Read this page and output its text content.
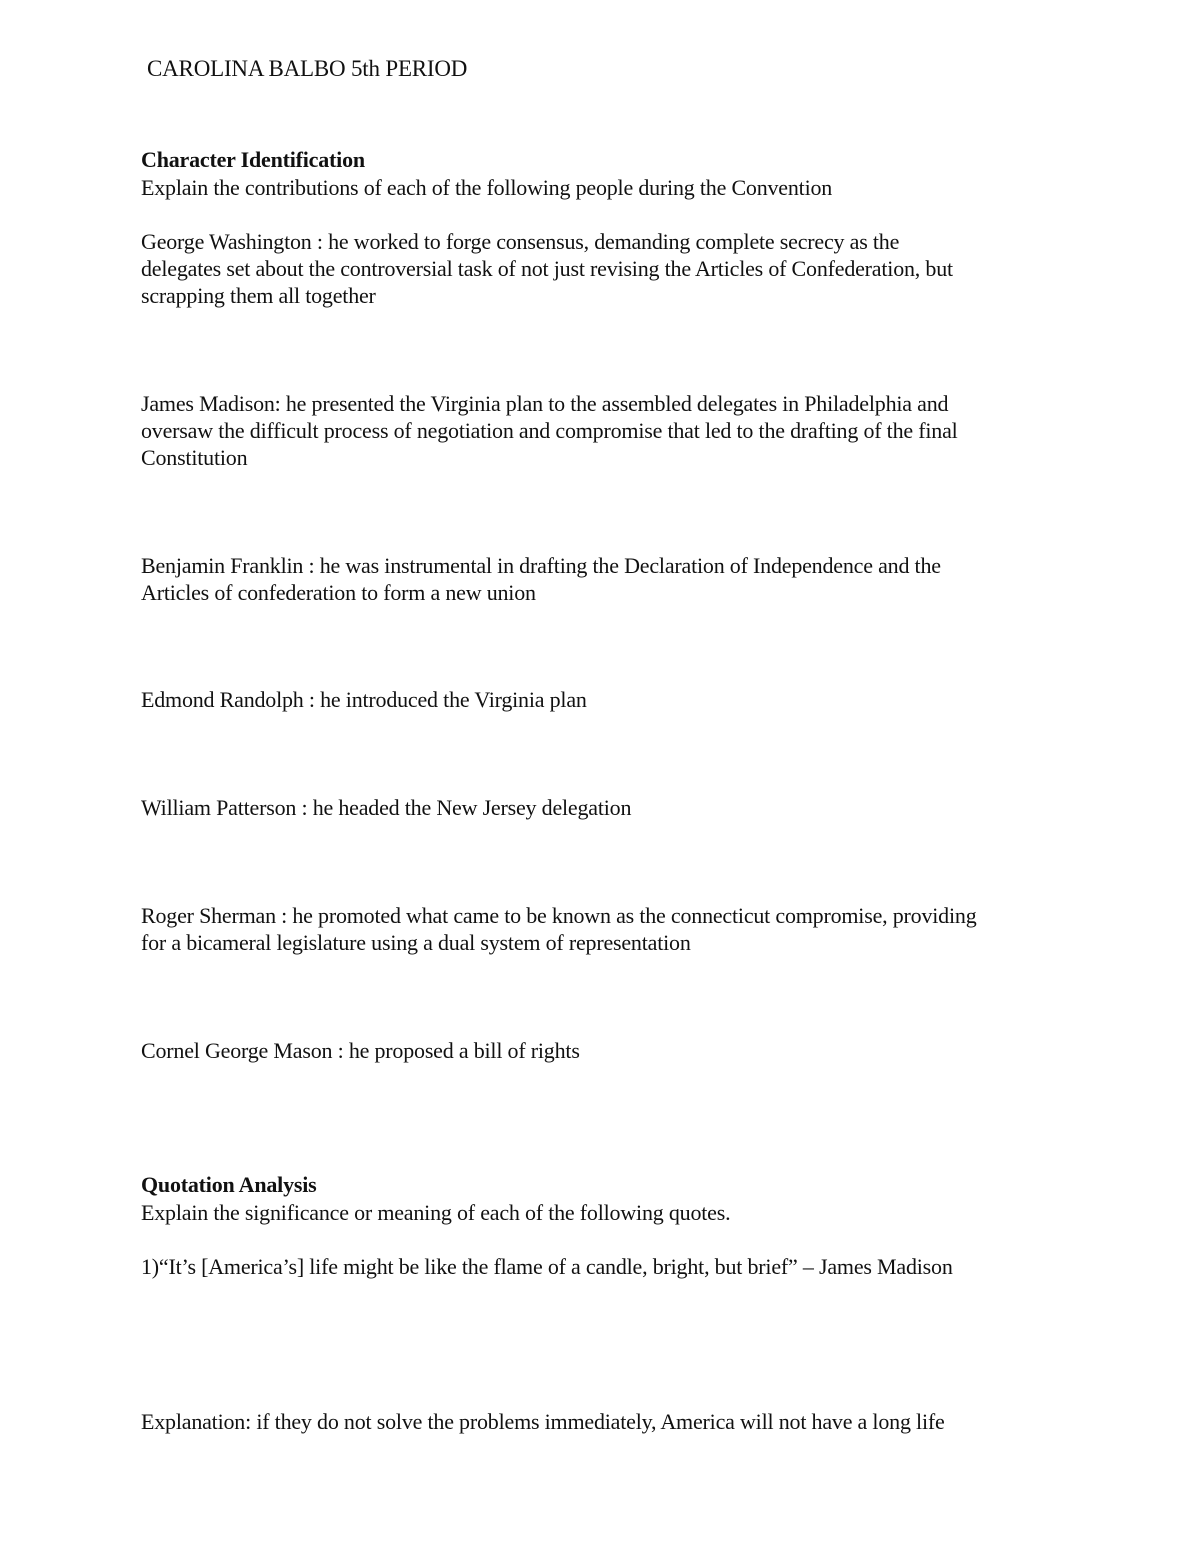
CAROLINA BALBO 5th PERIOD
Character Identification
Explain the contributions of each of the following people during the Convention
George Washington : he worked to forge consensus, demanding complete secrecy as the
delegates set about the controversial task of not just revising the Articles of Confederation, but
scrapping them all together
James Madison: he presented the Virginia plan to the assembled delegates in Philadelphia and
oversaw the difficult process of negotiation and compromise that led to the drafting of the final
Constitution
Benjamin Franklin : he was instrumental in drafting the Declaration of Independence and the
Articles of confederation to form a new union
Edmond Randolph : he introduced the Virginia plan
William Patterson : he headed the New Jersey delegation
Roger Sherman : he promoted what came to be known as the connecticut compromise, providing
for a bicameral legislature using a dual system of representation
Cornel George Mason : he proposed a bill of rights
Quotation Analysis
Explain the significance or meaning of each of the following quotes.
1)“It’s [America’s] life might be like the flame of a candle, bright, but brief” – James Madison
Explanation: if they do not solve the problems immediately, America will not have a long life
